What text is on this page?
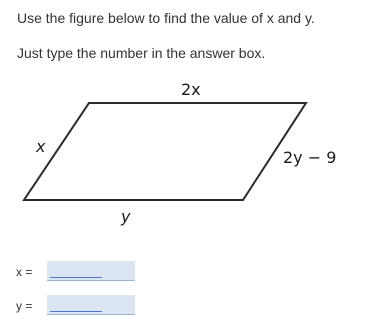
Use the figure below to find the value of x and y.
Just type the number in the answer box.
2x
x
2y − 9
y
x =
y =
